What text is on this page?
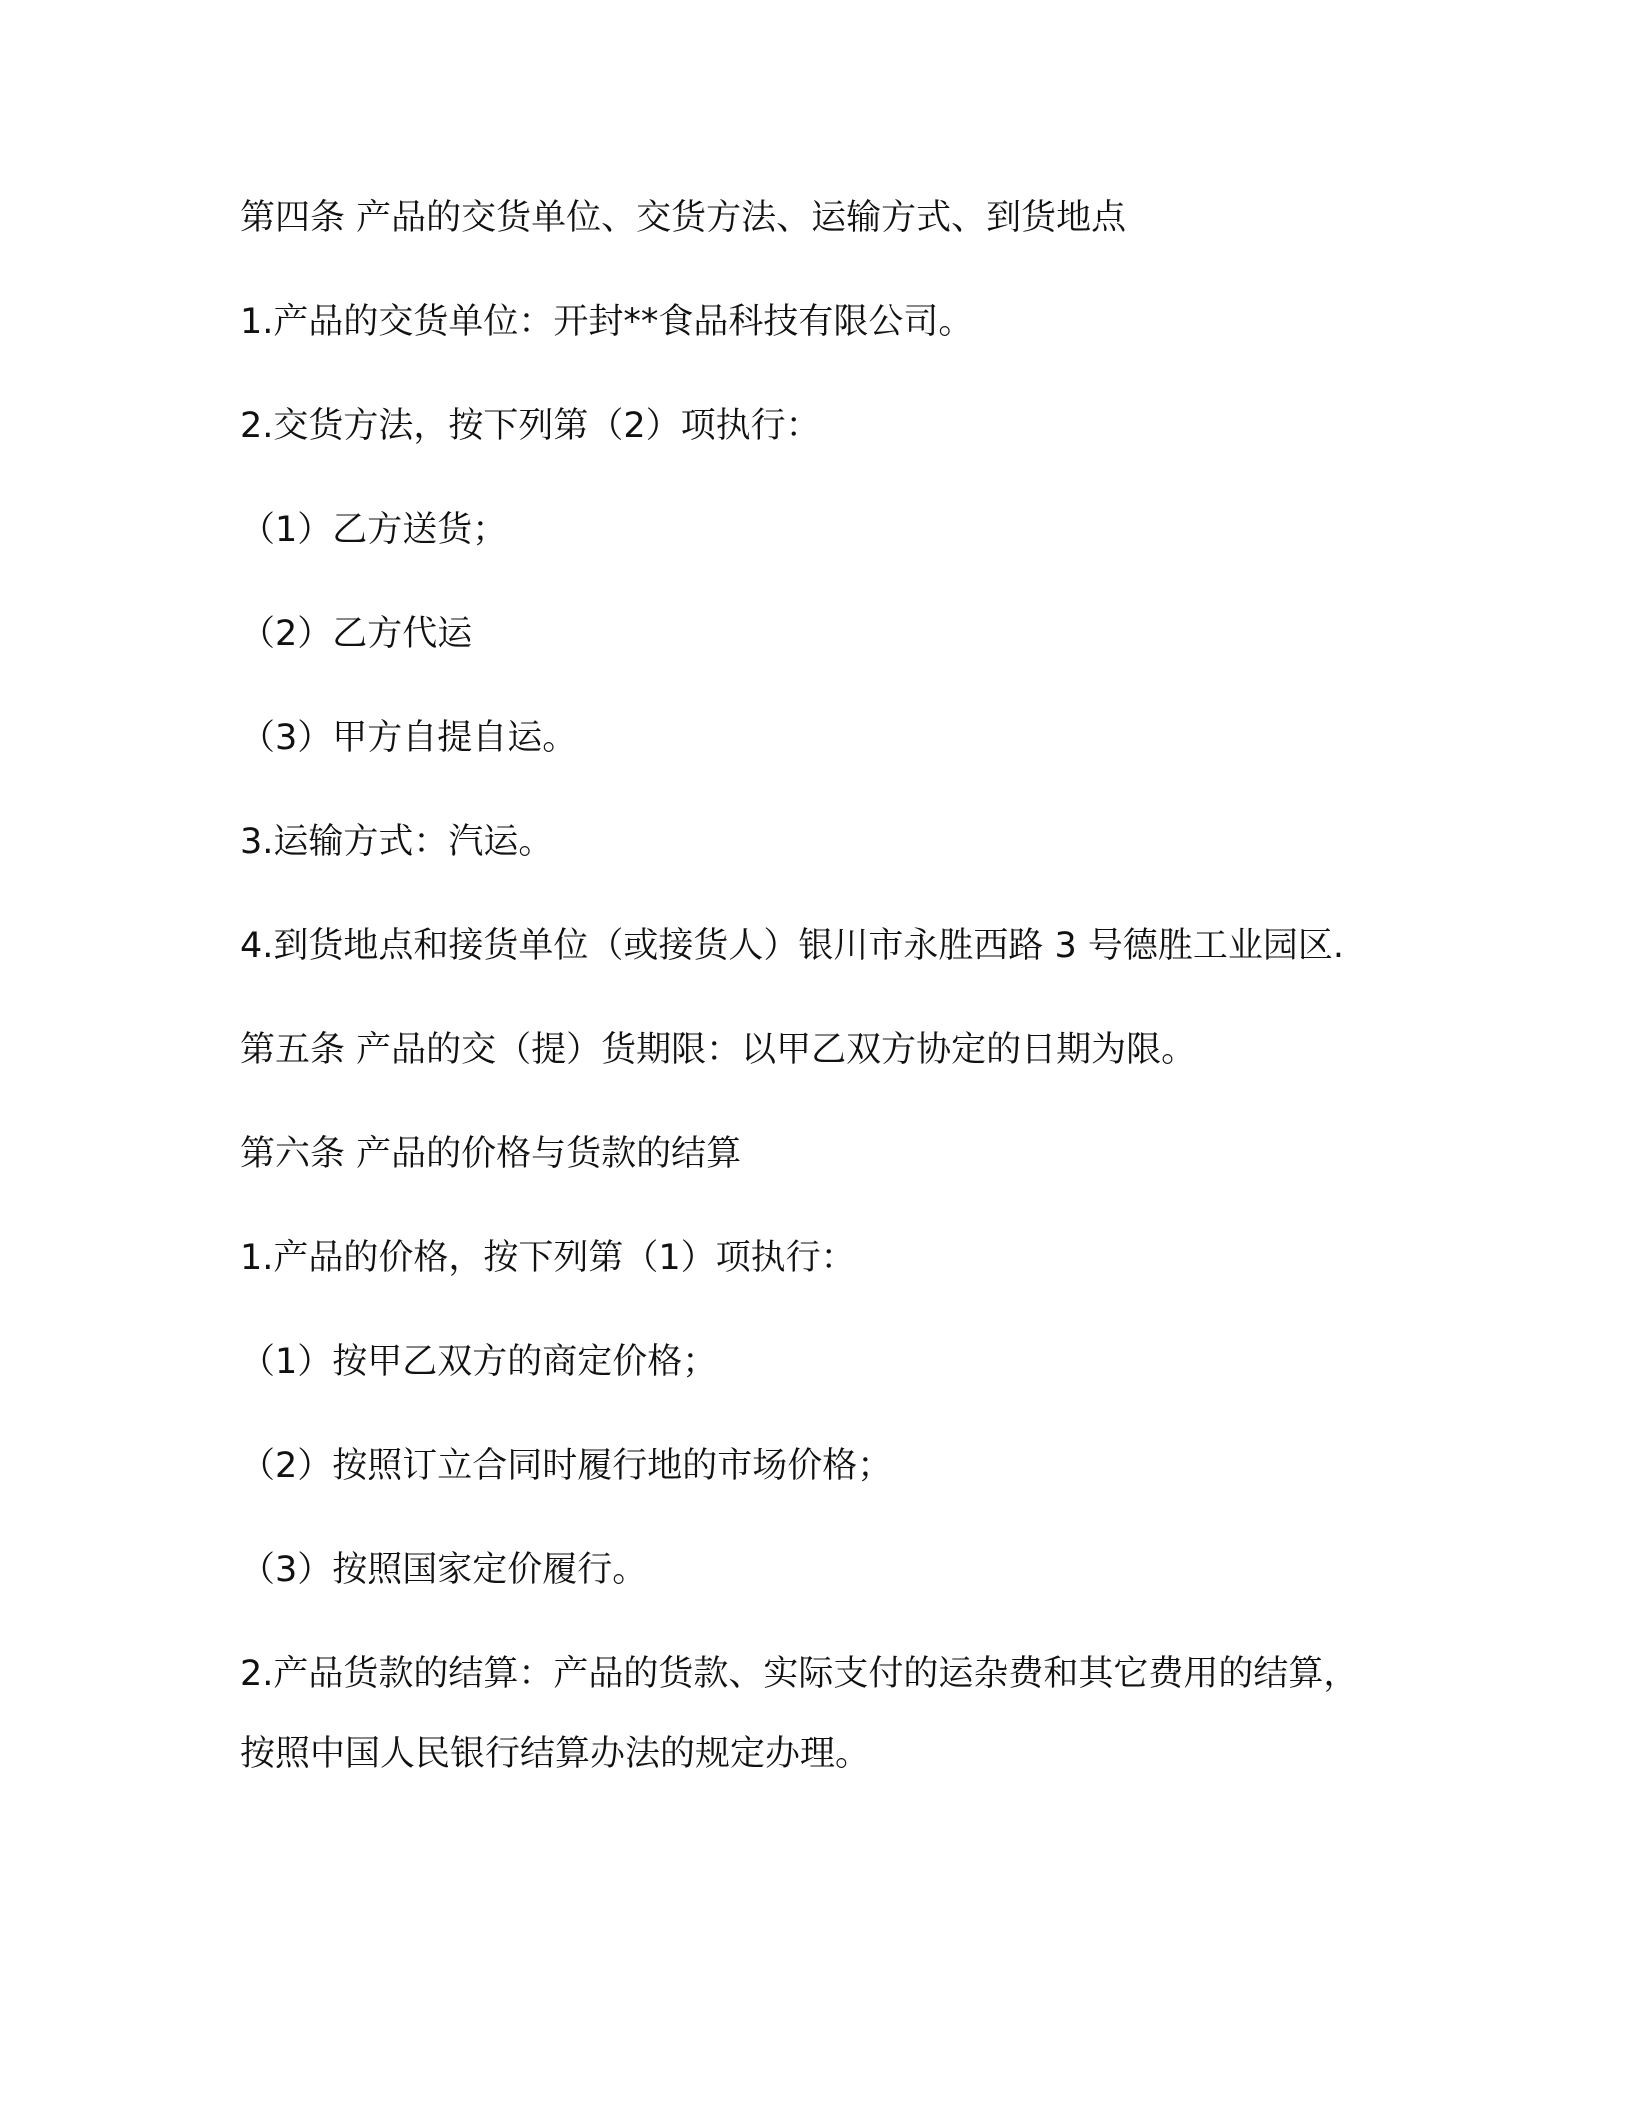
第四条 产品的交货单位、交货方法、运输方式、到货地点

1.产品的交货单位：开封**食品科技有限公司。

2.交货方法，按下列第（2）项执行：

（1）乙方送货；

（2）乙方代运

（3）甲方自提自运。

3.运输方式：汽运。

4.到货地点和接货单位（或接货人）银川市永胜西路 3 号德胜工业园区.

第五条 产品的交（提）货期限：以甲乙双方协定的日期为限。

第六条 产品的价格与货款的结算

1.产品的价格，按下列第（1）项执行：

（1）按甲乙双方的商定价格；

（2）按照订立合同时履行地的市场价格；

（3）按照国家定价履行。

2.产品货款的结算：产品的货款、实际支付的运杂费和其它费用的结算，按照中国人民银行结算办法的规定办理。
